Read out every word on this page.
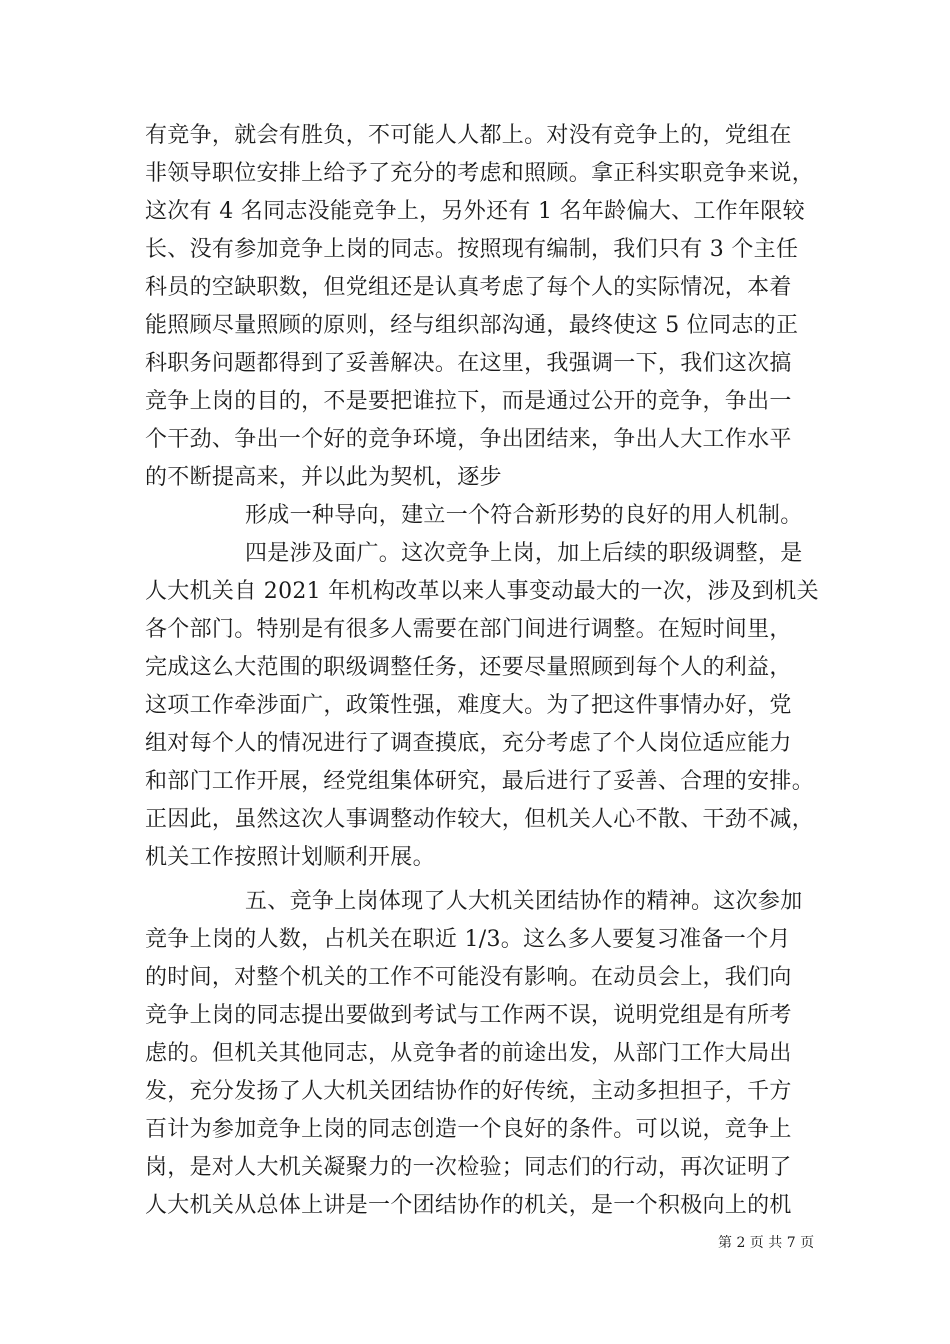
有竞争，就会有胜负，不可能人人都上。对没有竞争上的，党组在
非领导职位安排上给予了充分的考虑和照顾。拿正科实职竞争来说，
这次有 4 名同志没能竞争上，另外还有 1 名年龄偏大、工作年限较
长、没有参加竞争上岗的同志。按照现有编制，我们只有 3 个主任
科员的空缺职数，但党组还是认真考虑了每个人的实际情况，本着
能照顾尽量照顾的原则，经与组织部沟通，最终使这 5 位同志的正
科职务问题都得到了妥善解决。在这里，我强调一下，我们这次搞
竞争上岗的目的，不是要把谁拉下，而是通过公开的竞争，争出一
个干劲、争出一个好的竞争环境，争出团结来，争出人大工作水平
的不断提高来，并以此为契机，逐步
形成一种导向，建立一个符合新形势的良好的用人机制。
四是涉及面广。这次竞争上岗，加上后续的职级调整，是
人大机关自 2021 年机构改革以来人事变动最大的一次，涉及到机关
各个部门。特别是有很多人需要在部门间进行调整。在短时间里，
完成这么大范围的职级调整任务，还要尽量照顾到每个人的利益，
这项工作牵涉面广，政策性强，难度大。为了把这件事情办好，党
组对每个人的情况进行了调查摸底，充分考虑了个人岗位适应能力
和部门工作开展，经党组集体研究，最后进行了妥善、合理的安排。
正因此，虽然这次人事调整动作较大，但机关人心不散、干劲不减，
机关工作按照计划顺利开展。
五、竞争上岗体现了人大机关团结协作的精神。这次参加
竞争上岗的人数，占机关在职近 1/3。这么多人要复习准备一个月
的时间，对整个机关的工作不可能没有影响。在动员会上，我们向
竞争上岗的同志提出要做到考试与工作两不误，说明党组是有所考
虑的。但机关其他同志，从竞争者的前途出发，从部门工作大局出
发，充分发扬了人大机关团结协作的好传统，主动多担担子，千方
百计为参加竞争上岗的同志创造一个良好的条件。可以说，竞争上
岗，是对人大机关凝聚力的一次检验；同志们的行动，再次证明了
人大机关从总体上讲是一个团结协作的机关，是一个积极向上的机
第 2 页 共 7 页
